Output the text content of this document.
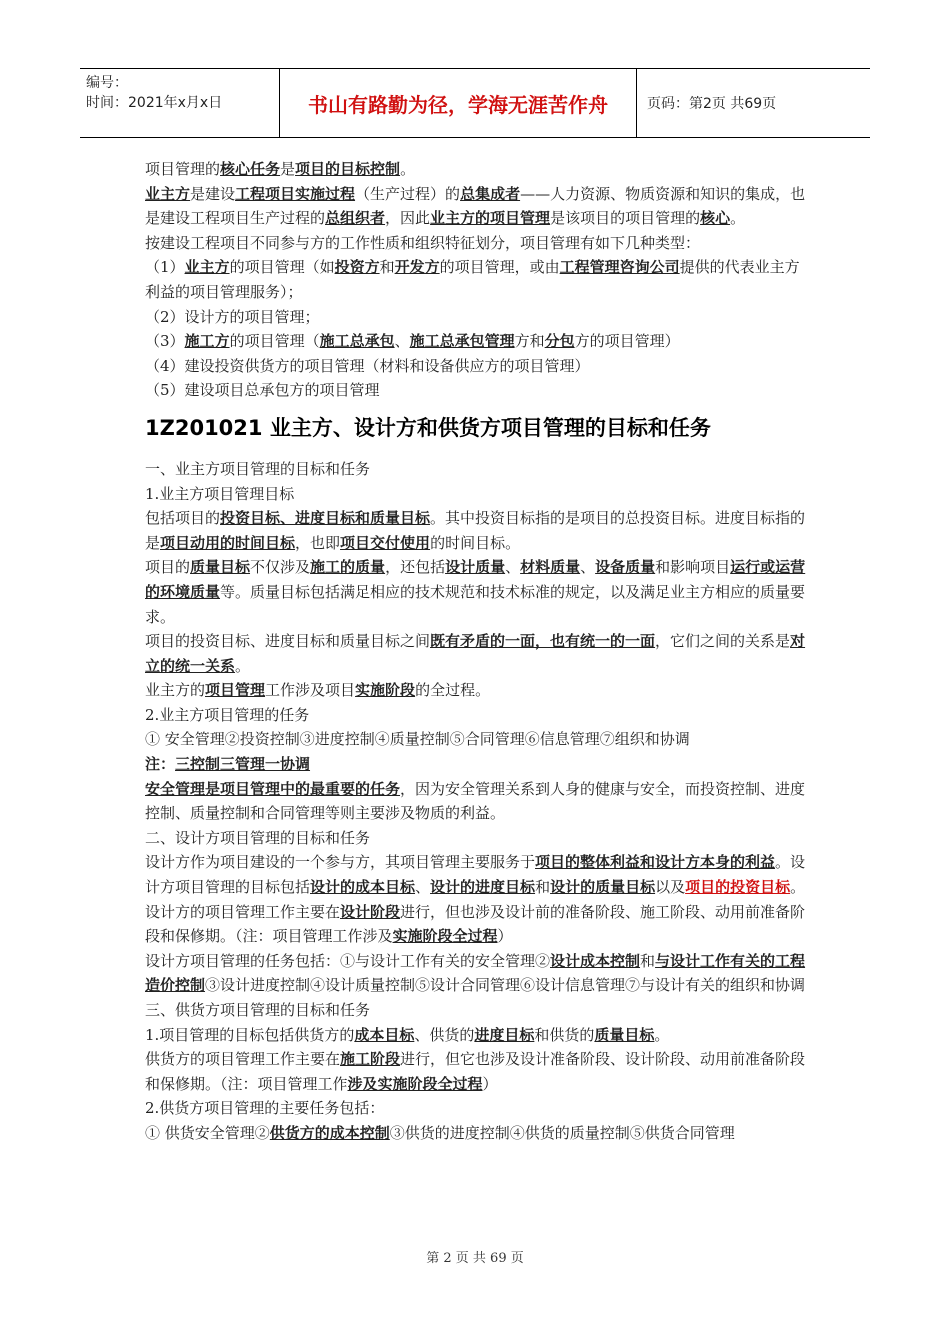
编号：
时间：2021年x月x日	书山有路勤为径，学海无涯苦作舟	页码：第2页 共69页

项目管理的核心任务是项目的目标控制。

业主方是建设工程项目实施过程（生产过程）的总集成者——人力资源、物质资源和知识的集成，也是建设工程项目生产过程的总组织者，因此业主方的项目管理是该项目的项目管理的核心。

按建设工程项目不同参与方的工作性质和组织特征划分，项目管理有如下几种类型：

（1）业主方的项目管理（如投资方和开发方的项目管理，或由工程管理咨询公司提供的代表业主方利益的项目管理服务）；

（2）设计方的项目管理；

（3）施工方的项目管理（施工总承包、施工总承包管理方和分包方的项目管理）

（4）建设投资供货方的项目管理（材料和设备供应方的项目管理）

（5）建设项目总承包方的项目管理

1Z201021 业主方、设计方和供货方项目管理的目标和任务

一、业主方项目管理的目标和任务

1.业主方项目管理目标

包括项目的投资目标、进度目标和质量目标。其中投资目标指的是项目的总投资目标。进度目标指的是项目动用的时间目标，也即项目交付使用的时间目标。

项目的质量目标不仅涉及施工的质量，还包括设计质量、材料质量、设备质量和影响项目运行或运营的环境质量等。质量目标包括满足相应的技术规范和技术标准的规定，以及满足业主方相应的质量要求。

项目的投资目标、进度目标和质量目标之间既有矛盾的一面，也有统一的一面，它们之间的关系是对立的统一关系。

业主方的项目管理工作涉及项目实施阶段的全过程。

2.业主方项目管理的任务

① 安全管理②投资控制③进度控制④质量控制⑤合同管理⑥信息管理⑦组织和协调

注：三控制三管理一协调

安全管理是项目管理中的最重要的任务，因为安全管理关系到人身的健康与安全，而投资控制、进度控制、质量控制和合同管理等则主要涉及物质的利益。

二、设计方项目管理的目标和任务

设计方作为项目建设的一个参与方，其项目管理主要服务于项目的整体利益和设计方本身的利益。设计方项目管理的目标包括设计的成本目标、设计的进度目标和设计的质量目标以及项目的投资目标。

设计方的项目管理工作主要在设计阶段进行，但也涉及设计前的准备阶段、施工阶段、动用前准备阶段和保修期。（注：项目管理工作涉及实施阶段全过程）

设计方项目管理的任务包括：①与设计工作有关的安全管理②设计成本控制和与设计工作有关的工程造价控制③设计进度控制④设计质量控制⑤设计合同管理⑥设计信息管理⑦与设计有关的组织和协调

三、供货方项目管理的目标和任务

1.项目管理的目标包括供货方的成本目标、供货的进度目标和供货的质量目标。

供货方的项目管理工作主要在施工阶段进行，但它也涉及设计准备阶段、设计阶段、动用前准备阶段和保修期。（注：项目管理工作涉及实施阶段全过程）

2.供货方项目管理的主要任务包括：

① 供货安全管理②供货方的成本控制③供货的进度控制④供货的质量控制⑤供货合同管理

第 2 页 共 69 页
